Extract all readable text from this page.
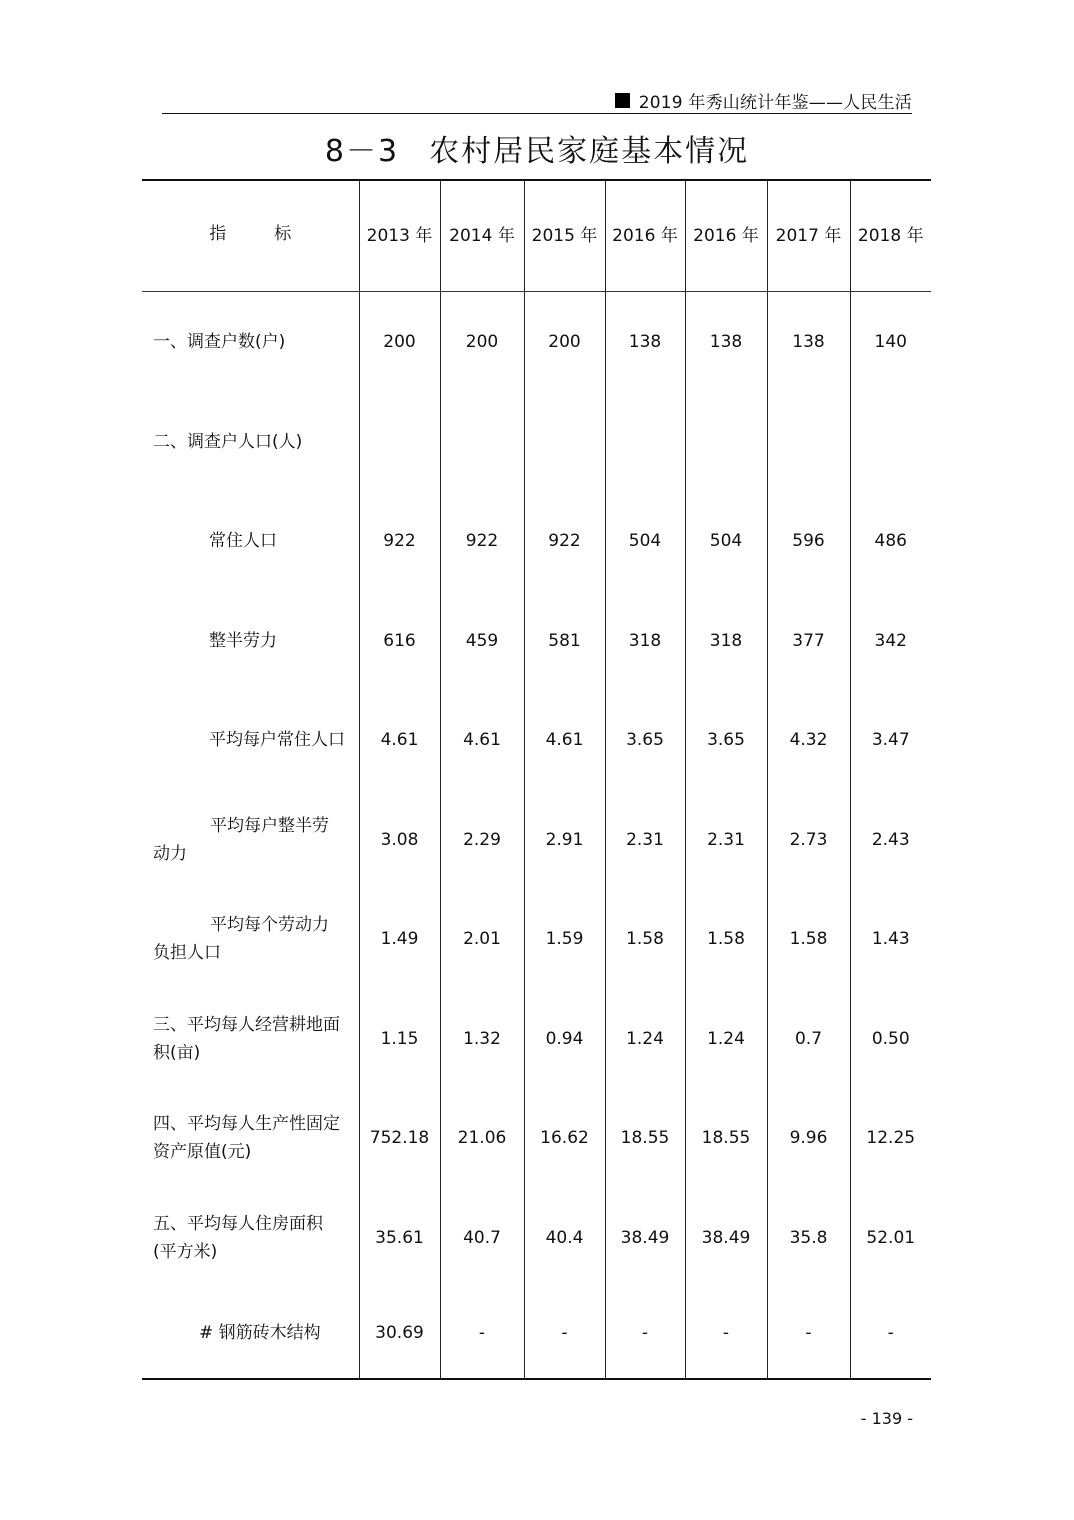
2019 年秀山统计年鉴——人民生活
8－3 农村居民家庭基本情况
指标	2013 年	2014 年	2015 年	2016 年	2016 年	2017 年	2018 年
一、调查户数(户)	200	200	200	138	138	138	140
二、调查户人口(人)							
常住人口	922	922	922	504	504	596	486
整半劳力	616	459	581	318	318	377	342
平均每户常住人口	4.61	4.61	4.61	3.65	3.65	4.32	3.47

平均每户整半劳
动力	3.08	2.29	2.91	2.31	2.31	2.73	2.43

平均每个劳动力
负担人口	1.49	2.01	1.59	1.58	1.58	1.58	1.43
三、平均每人经营耕地面积(亩)	1.15	1.32	0.94	1.24	1.24	0.7	0.50
四、平均每人生产性固定资产原值(元)	752.18	21.06	16.62	18.55	18.55	9.96	12.25
五、平均每人住房面积(平方米)	35.61	40.7	40.4	38.49	38.49	35.8	52.01
# 钢筋砖木结构	30.69	-	-	-	-	-	-
- 139 -
